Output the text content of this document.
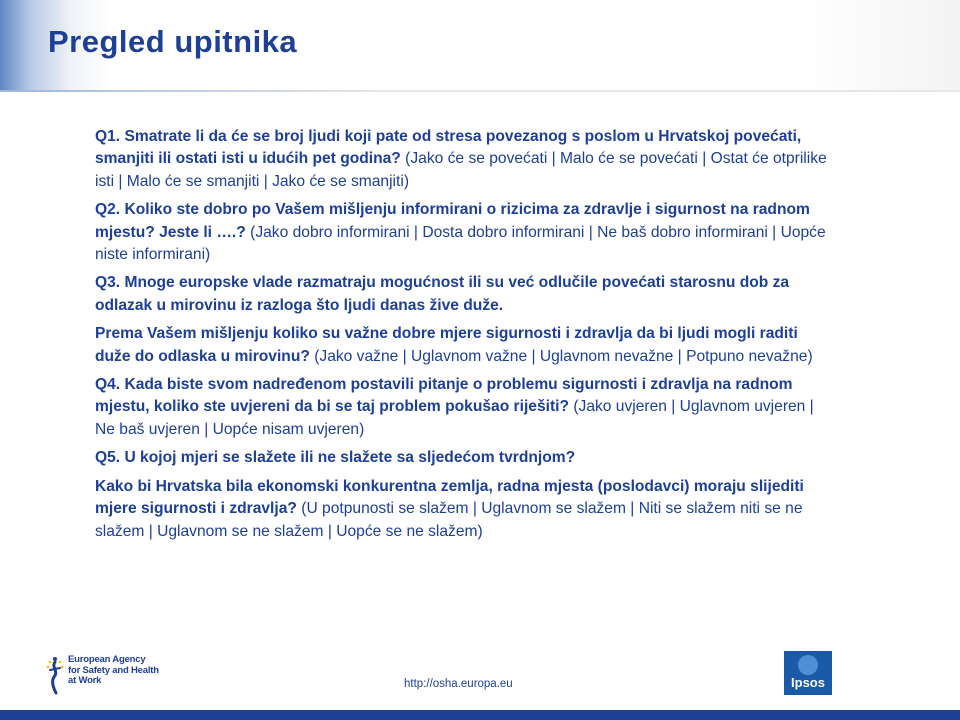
Pregled upitnika

Q1. Smatrate li da će se broj ljudi koji pate od stresa povezanog s poslom u Hrvatskoj povećati, smanjiti ili ostati isti u idućih pet godina? (Jako će se povećati | Malo će se povećati | Ostat će otprilike isti | Malo će se smanjiti | Jako će se smanjiti)

Q2. Koliko ste dobro po Vašem mišljenju informirani o rizicima za zdravlje i sigurnost na radnom mjestu? Jeste li ….? (Jako dobro informirani | Dosta dobro informirani | Ne baš dobro informirani | Uopće niste informirani)

Q3. Mnoge europske vlade razmatraju mogućnost ili su već odlučile povećati starosnu dob za odlazak u mirovinu iz razloga što ljudi danas žive duže.

Prema Vašem mišljenju koliko su važne dobre mjere sigurnosti i zdravlja da bi ljudi mogli raditi duže do odlaska u mirovinu? (Jako važne | Uglavnom važne | Uglavnom nevažne | Potpuno nevažne)

Q4. Kada biste svom nadređenom postavili pitanje o problemu sigurnosti i zdravlja na radnom mjestu, koliko ste uvjereni da bi se taj problem pokušao riješiti? (Jako uvjeren | Uglavnom uvjeren | Ne baš uvjeren | Uopće nisam uvjeren)

Q5. U kojoj mjeri se slažete ili ne slažete sa sljedećom tvrdnjom?

Kako bi Hrvatska bila ekonomski konkurentna zemlja, radna mjesta (poslodavci) moraju slijediti mjere sigurnosti i zdravlja? (U potpunosti se slažem | Uglavnom se slažem | Niti se slažem niti se ne slažem | Uglavnom se ne slažem | Uopće se ne slažem)

European Agency
for Safety and Health
at Work	http://osha.europa.eu	Ipsos
